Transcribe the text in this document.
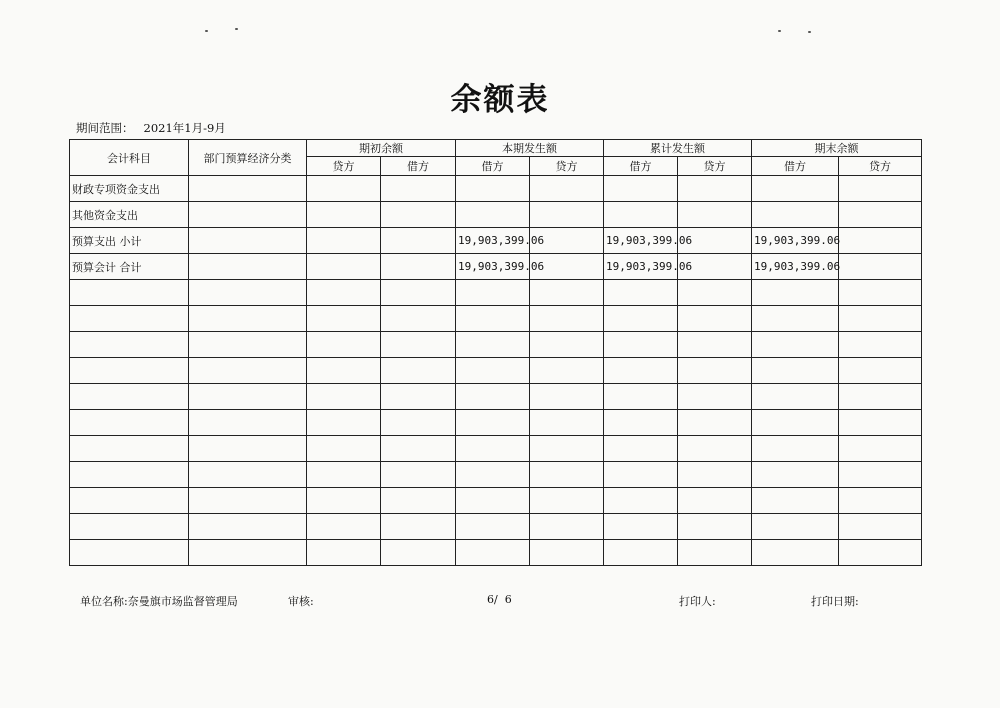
余额表
期间范围： 2021年1月-9月
会计科目	部门预算经济分类	期初余额		本期发生额		累计发生额		期末余额	
		贷方	借方	借方	贷方	借方	贷方	借方	贷方
财政专项资金支出									
其他资金支出									
预算支出 小计				19,903,399.06		19,903,399.06		19,903,399.06	
预算会计 合计				19,903,399.06		19,903,399.06		19,903,399.06	

单位名称:奈曼旗市场监督管理局	审核:	6/  6	打印人:	打印日期:
